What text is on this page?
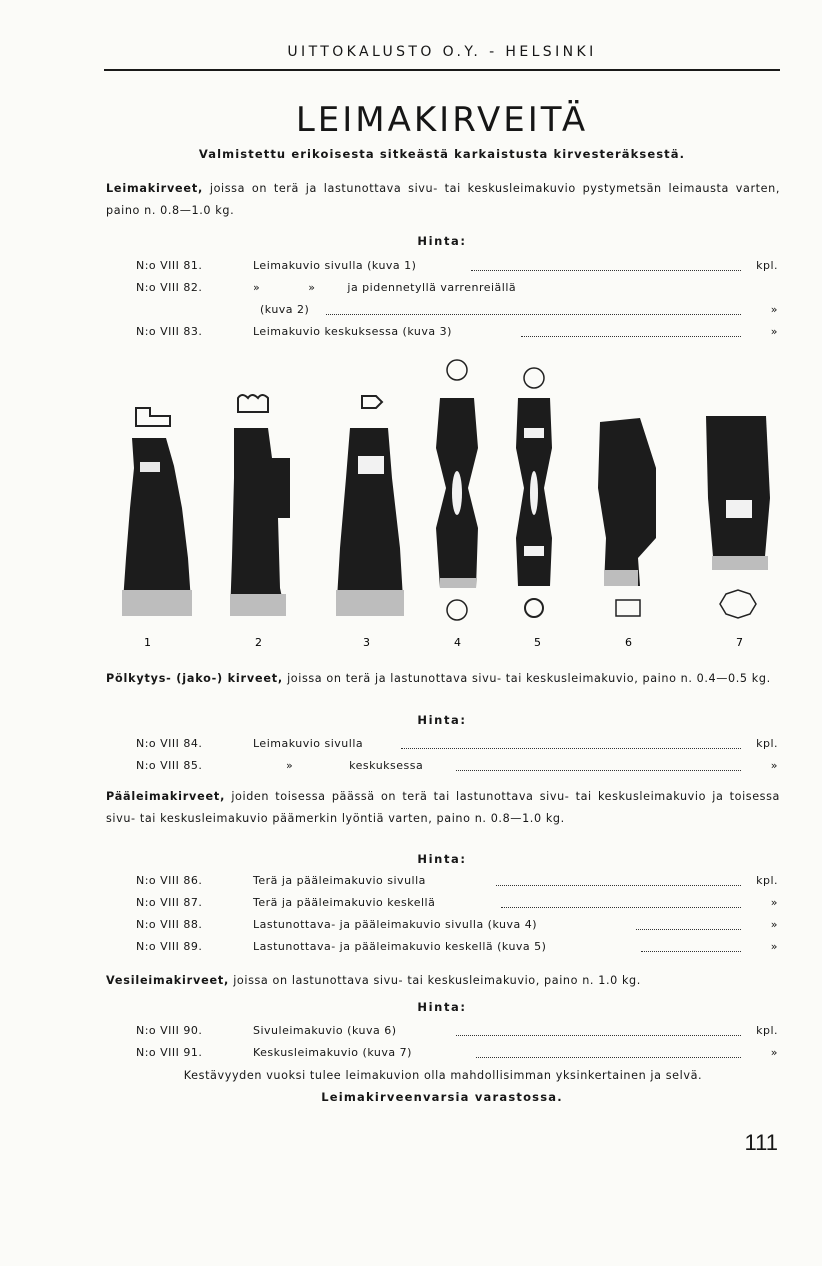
UITTOKALUSTO O.Y. - HELSINKI
LEIMAKIRVEITÄ
Valmistettu erikoisesta sitkeästä karkaistusta kirvesteräksestä.
Leimakirveet, joissa on terä ja lastunottava sivu- tai keskusleimakuvio pystymetsän leimausta varten, paino n. 0.8—1.0 kg.
Hinta:
N:o VIII 81.	Leimakuvio sivulla (kuva 1)	kpl.
N:o VIII 82.	»            »        ja pidennetyllä varrenreiällä
(kuva 2)	»
N:o VIII 83.	Leimakuvio keskuksessa (kuva 3)	»
1	2	3	4	5	6	7
Pölkytys- (jako-) kirveet, joissa on terä ja lastunottava sivu- tai keskusleimakuvio, paino n. 0.4—0.5 kg.
Hinta:
N:o VIII 84.	Leimakuvio sivulla	kpl.
N:o VIII 85.	»              keskuksessa	»
Pääleimakirveet, joiden toisessa päässä on terä tai lastunottava sivu- tai keskusleimakuvio ja toisessa sivu- tai keskusleimakuvio päämerkin lyöntiä varten, paino n. 0.8—1.0 kg.
Hinta:
N:o VIII 86.	Terä ja pääleimakuvio sivulla	kpl.
N:o VIII 87.	Terä ja pääleimakuvio keskellä	»
N:o VIII 88.	Lastunottava- ja pääleimakuvio sivulla (kuva 4)	»
N:o VIII 89.	Lastunottava- ja pääleimakuvio keskellä (kuva 5)	»
Vesileimakirveet, joissa on lastunottava sivu- tai keskusleimakuvio, paino n. 1.0 kg.
Hinta:
N:o VIII 90.	Sivuleimakuvio (kuva 6)	kpl.
N:o VIII 91.	Keskusleimakuvio (kuva 7)	»
Kestävyyden vuoksi tulee leimakuvion olla mahdollisimman yksinkertainen ja selvä.
Leimakirveenvarsia varastossa.
111
